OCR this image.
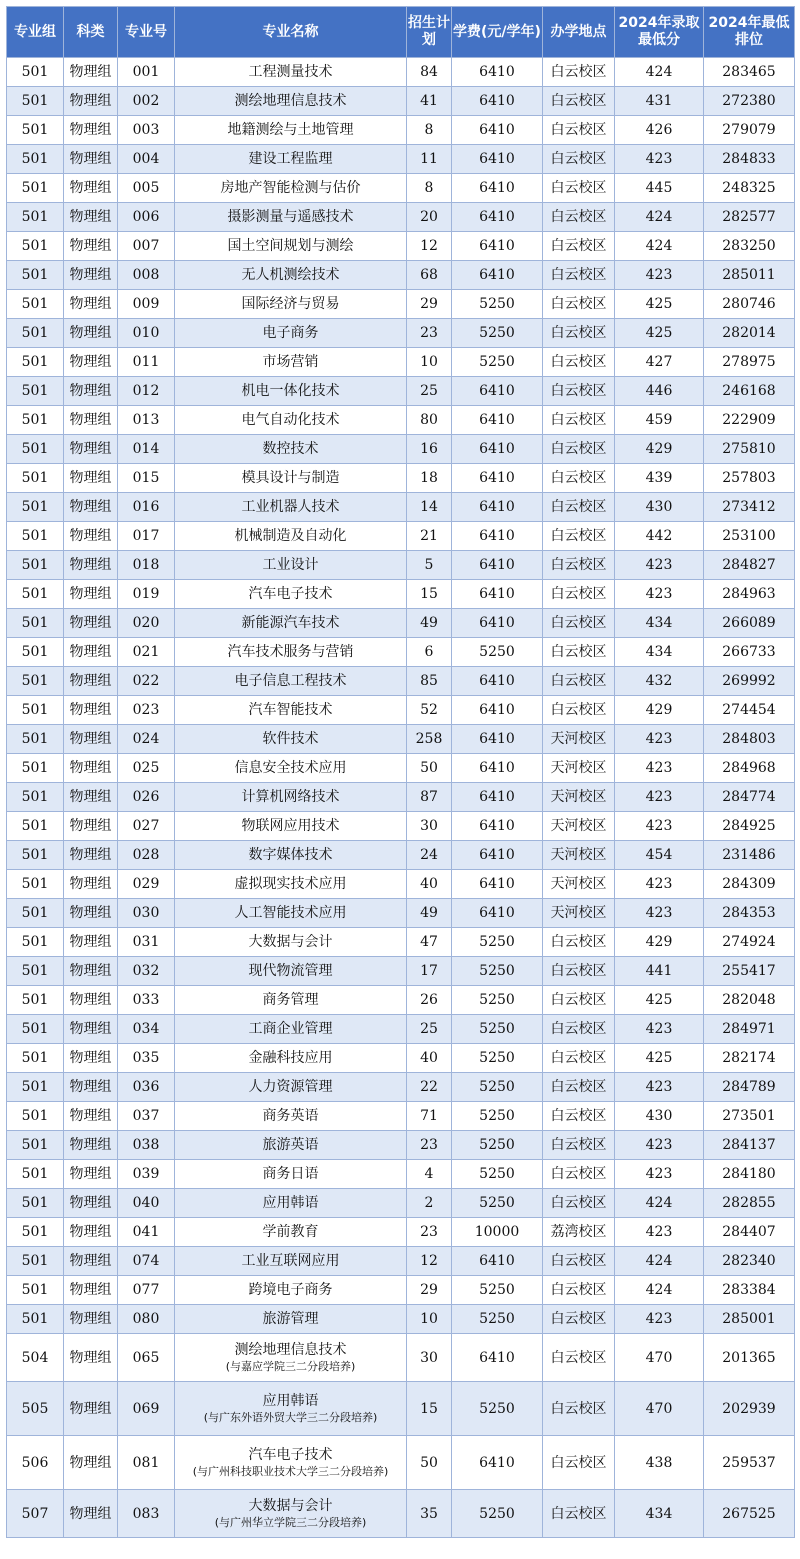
专业组	科类	专业号	专业名称	招生计划	学费(元/学年)	办学地点	2024年录取最低分	2024年最低排位
501	物理组	001	工程测量技术	84	6410	白云校区	424	283465
501	物理组	002	测绘地理信息技术	41	6410	白云校区	431	272380
501	物理组	003	地籍测绘与土地管理	8	6410	白云校区	426	279079
501	物理组	004	建设工程监理	11	6410	白云校区	423	284833
501	物理组	005	房地产智能检测与估价	8	6410	白云校区	445	248325
501	物理组	006	摄影测量与遥感技术	20	6410	白云校区	424	282577
501	物理组	007	国土空间规划与测绘	12	6410	白云校区	424	283250
501	物理组	008	无人机测绘技术	68	6410	白云校区	423	285011
501	物理组	009	国际经济与贸易	29	5250	白云校区	425	280746
501	物理组	010	电子商务	23	5250	白云校区	425	282014
501	物理组	011	市场营销	10	5250	白云校区	427	278975
501	物理组	012	机电一体化技术	25	6410	白云校区	446	246168
501	物理组	013	电气自动化技术	80	6410	白云校区	459	222909
501	物理组	014	数控技术	16	6410	白云校区	429	275810
501	物理组	015	模具设计与制造	18	6410	白云校区	439	257803
501	物理组	016	工业机器人技术	14	6410	白云校区	430	273412
501	物理组	017	机械制造及自动化	21	6410	白云校区	442	253100
501	物理组	018	工业设计	5	6410	白云校区	423	284827
501	物理组	019	汽车电子技术	15	6410	白云校区	423	284963
501	物理组	020	新能源汽车技术	49	6410	白云校区	434	266089
501	物理组	021	汽车技术服务与营销	6	5250	白云校区	434	266733
501	物理组	022	电子信息工程技术	85	6410	白云校区	432	269992
501	物理组	023	汽车智能技术	52	6410	白云校区	429	274454
501	物理组	024	软件技术	258	6410	天河校区	423	284803
501	物理组	025	信息安全技术应用	50	6410	天河校区	423	284968
501	物理组	026	计算机网络技术	87	6410	天河校区	423	284774
501	物理组	027	物联网应用技术	30	6410	天河校区	423	284925
501	物理组	028	数字媒体技术	24	6410	天河校区	454	231486
501	物理组	029	虚拟现实技术应用	40	6410	天河校区	423	284309
501	物理组	030	人工智能技术应用	49	6410	天河校区	423	284353
501	物理组	031	大数据与会计	47	5250	白云校区	429	274924
501	物理组	032	现代物流管理	17	5250	白云校区	441	255417
501	物理组	033	商务管理	26	5250	白云校区	425	282048
501	物理组	034	工商企业管理	25	5250	白云校区	423	284971
501	物理组	035	金融科技应用	40	5250	白云校区	425	282174
501	物理组	036	人力资源管理	22	5250	白云校区	423	284789
501	物理组	037	商务英语	71	5250	白云校区	430	273501
501	物理组	038	旅游英语	23	5250	白云校区	423	284137
501	物理组	039	商务日语	4	5250	白云校区	423	284180
501	物理组	040	应用韩语	2	5250	白云校区	424	282855
501	物理组	041	学前教育	23	10000	荔湾校区	423	284407
501	物理组	074	工业互联网应用	12	6410	白云校区	424	282340
501	物理组	077	跨境电子商务	29	5250	白云校区	424	283384
501	物理组	080	旅游管理	10	5250	白云校区	423	285001
504	物理组	065	测绘地理信息技术
(与嘉应学院三二分段培养)	30	6410	白云校区	470	201365
505	物理组	069	应用韩语
(与广东外语外贸大学三二分段培养)	15	5250	白云校区	470	202939
506	物理组	081	汽车电子技术
(与广州科技职业技术大学三二分段培养)	50	6410	白云校区	438	259537
507	物理组	083	大数据与会计
(与广州华立学院三二分段培养)	35	5250	白云校区	434	267525
